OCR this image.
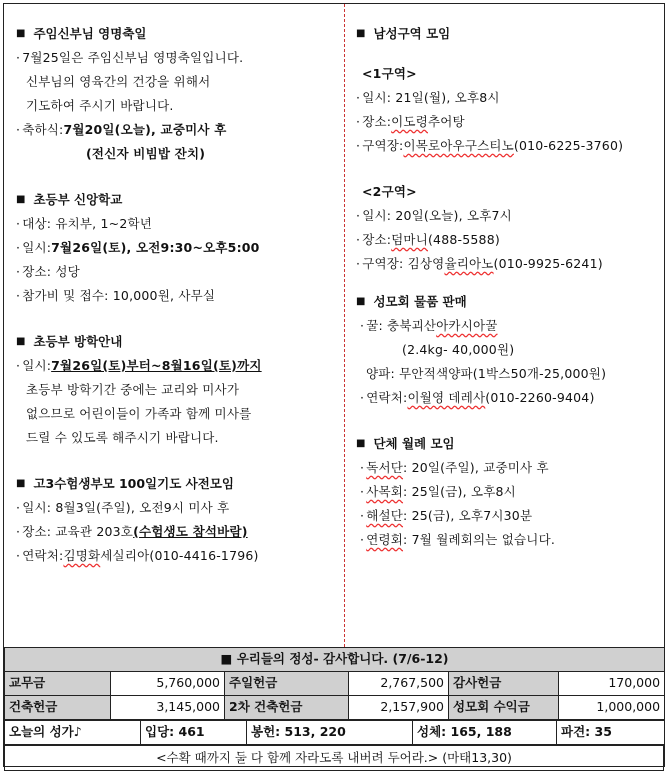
■ 주임신부님 영명축일
· 7월25일은 주임신부님 영명축일입니다.
신부님의 영육간의 건강을 위해서
기도하여 주시기 바랍니다.
· 축하식: 7월20일(오늘), 교중미사 후
(전신자 비빔밥 잔치)
■ 초등부 신앙학교
· 대상: 유치부, 1~2학년
· 일시: 7월26일(토), 오전9:30~오후5:00
· 장소: 성당
· 참가비 및 접수: 10,000원, 사무실
■ 초등부 방학안내
· 일시: 7월26일(토)부터~8월16일(토)까지
초등부 방학기간 중에는 교리와 미사가
없으므로 어린이들이 가족과 함께 미사를
드릴 수 있도록 해주시기 바랍니다.
■ 고3수험생부모 100일기도 사전모임
· 일시: 8월3일(주일), 오전9시 미사 후
· 장소: 교육관 203호 (수험생도 참석바람)
· 연락처: 김명화 세실리아(010-4416-1796)
■ 남성구역 모임
<1구역>
· 일시: 21일(월), 오후8시
· 장소: 이도령 추어탕
· 구역장: 이목로아우구스티노 (010-6225-3760)
<2구역>
· 일시: 20일(오늘), 오후7시
· 장소: 덤마니 (488-5588)
· 구역장: 김상영 율리아노 (010-9925-6241)
■ 성모회 물품 판매
· 꿀: 충북괴산 아카시아꿀
(2.4kg- 40,000원)
양파: 무안적색양파(1박스50개-25,000원)
· 연락처: 이월영 데레사 (010-2260-9404)
■ 단체 월례 모임
· 독서단 : 20일(주일), 교중미사 후
· 사목회 : 25일(금), 오후8시
· 해설단 : 25(금), 오후7시30분
· 연령회 : 7월 월례회의는 없습니다.
■ 우리들의 정성- 감사합니다. (7/6-12)					
교무금	5,760,000	주일헌금	2,767,500	감사헌금	170,000
건축헌금	3,145,000	2차 건축헌금	2,157,900	성모회 수익금	1,000,000
오늘의 성가♪	입당: 461	봉헌: 513, 220	성체: 165, 188	파견: 35
<수확 때까지 둘 다 함께 자라도록 내버려 두어라.> (마태13,30)
